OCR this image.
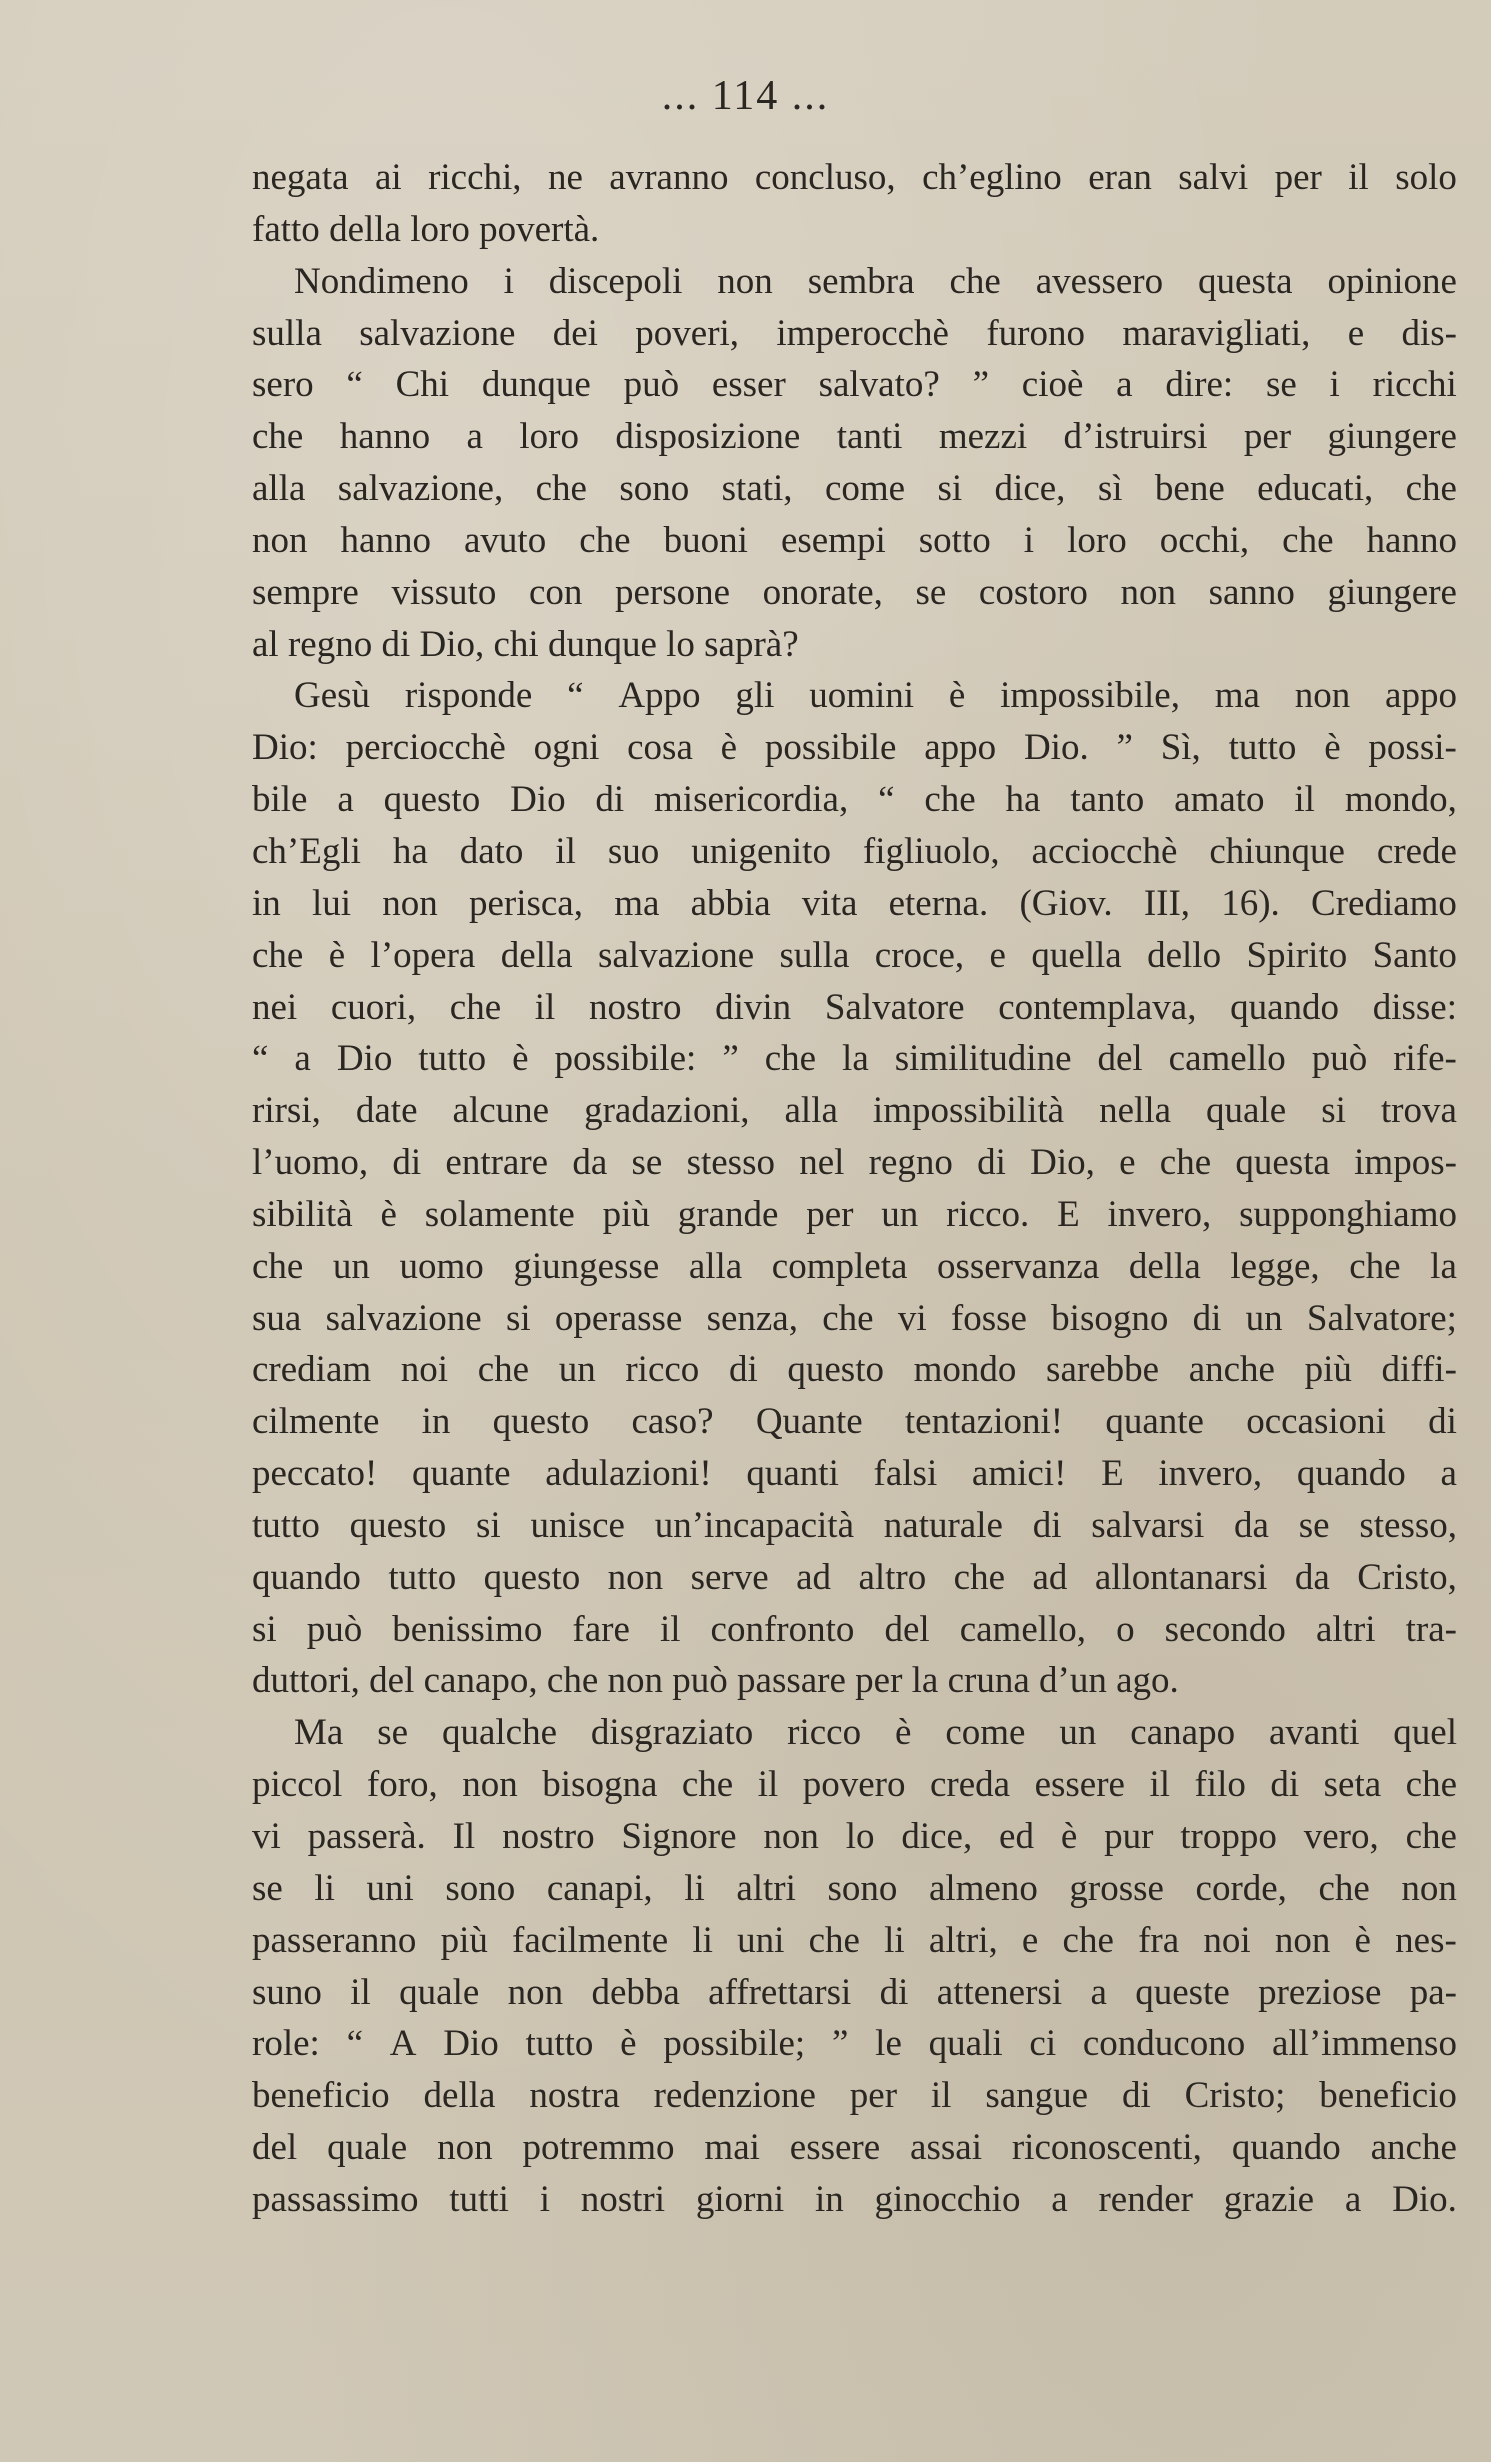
... 114 ...
negata ai ricchi, ne avranno concluso, ch’eglino eran salvi per il solo
fatto
della
loro
povertà.
Nondimeno i discepoli non sembra che avessero questa opinione
sulla salvazione dei poveri, imperocchè furono maravigliati, e dis-
sero “ Chi dunque può esser salvato? ” cioè a dire: se i ricchi
che hanno a loro disposizione tanti mezzi d’istruirsi per giungere
alla salvazione, che sono stati, come si dice, sì bene educati, che
non hanno avuto che buoni esempi sotto i loro occhi, che hanno
sempre vissuto con persone onorate, se costoro non sanno giungere
al
regno
di
Dio,
chi
dunque
lo
saprà?
Gesù risponde “ Appo gli uomini è impossibile, ma non appo
Dio: perciocchè ogni cosa è possibile appo Dio. ” Sì, tutto è possi-
bile a questo Dio di misericordia, “ che ha tanto amato il mondo,
ch’Egli ha dato il suo unigenito figliuolo, acciocchè chiunque crede
in lui non perisca, ma abbia vita eterna. (Giov. III, 16). Crediamo
che è l’opera della salvazione sulla croce, e quella dello Spirito Santo
nei cuori, che il nostro divin Salvatore contemplava, quando disse:
“ a Dio tutto è possibile: ” che la similitudine del camello può rife-
rirsi, date alcune gradazioni, alla impossibilità nella quale si trova
l’uomo, di entrare da se stesso nel regno di Dio, e che questa impos-
sibilità è solamente più grande per un ricco. E invero, supponghiamo
che un uomo giungesse alla completa osservanza della legge, che la
sua salvazione si operasse senza, che vi fosse bisogno di un Salvatore;
crediam noi che un ricco di questo mondo sarebbe anche più diffi-
cilmente in questo caso? Quante tentazioni! quante occasioni di
peccato! quante adulazioni! quanti falsi amici! E invero, quando a
tutto questo si unisce un’incapacità naturale di salvarsi da se stesso,
quando tutto questo non serve ad altro che ad allontanarsi da Cristo,
si può benissimo fare il confronto del camello, o secondo altri tra-
duttori,
del
canapo,
che
non
può
passare
per
la
cruna
d’un
ago.
Ma se qualche disgraziato ricco è come un canapo avanti quel
piccol foro, non bisogna che il povero creda essere il filo di seta che
vi passerà. Il nostro Signore non lo dice, ed è pur troppo vero, che
se li uni sono canapi, li altri sono almeno grosse corde, che non
passeranno più facilmente li uni che li altri, e che fra noi non è nes-
suno il quale non debba affrettarsi di attenersi a queste preziose pa-
role: “ A Dio tutto è possibile; ” le quali ci conducono all’immenso
beneficio della nostra redenzione per il sangue di Cristo; beneficio
del quale non potremmo mai essere assai riconoscenti, quando anche
passassimo tutti i nostri giorni in ginocchio a render grazie a Dio.
